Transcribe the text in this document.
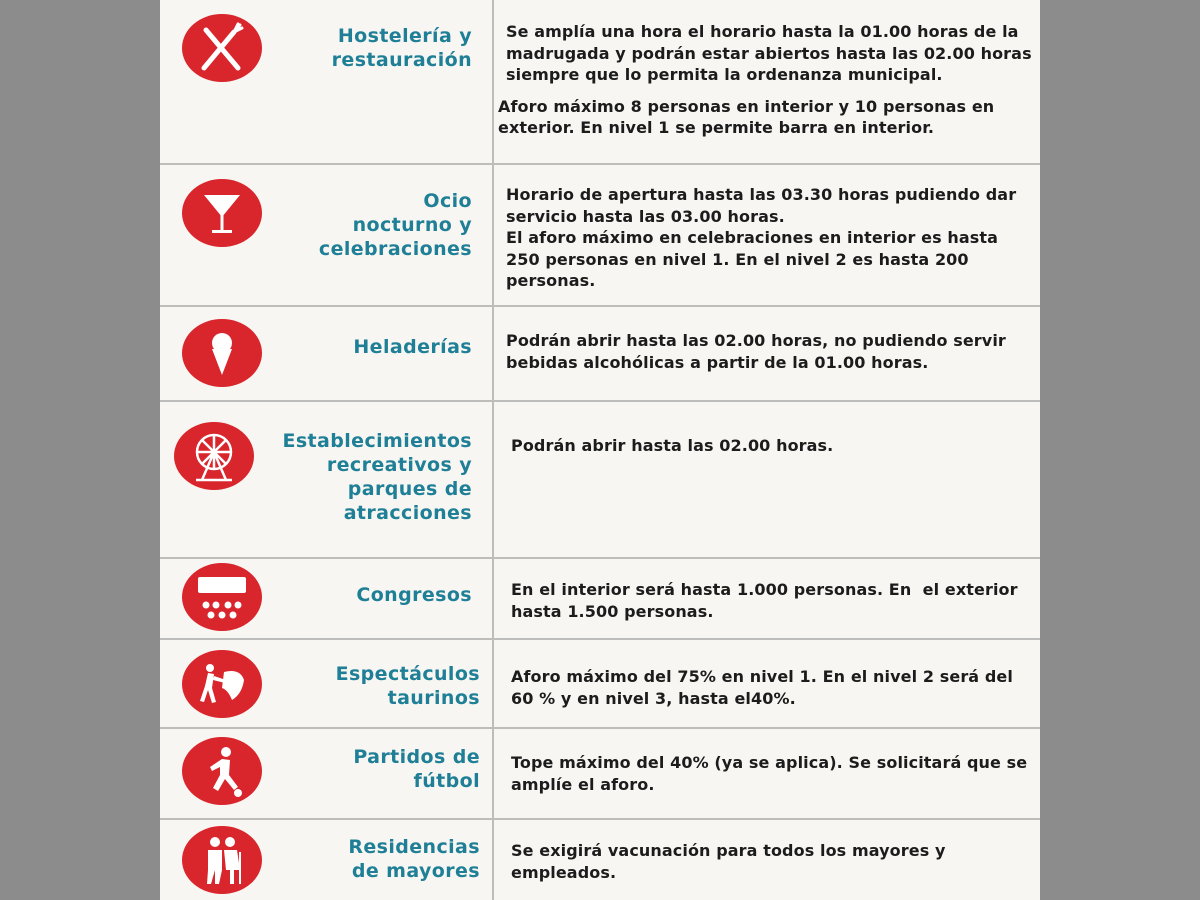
Hostelería y
restauración

Se amplía una hora el horario hasta la 01.00 horas de la madrugada y podrán estar abiertos hasta las 02.00 horas siempre que lo permita la ordenanza municipal.

Aforo máximo 8 personas en interior y 10 personas en exterior. En nivel 1 se permite barra en interior.

Ocio
nocturno y
celebraciones

Horario de apertura hasta las 03.30 horas pudiendo dar servicio hasta las 03.00 horas.

El aforo máximo en celebraciones en interior es hasta 250 personas en nivel 1. En el nivel 2 es hasta 200 personas.

Heladerías Podrán abrir hasta las 02.00 horas, no pudiendo servir bebidas alcohólicas a partir de la 01.00 horas.

Establecimientos
recreativos y
parques de
atracciones

Podrán abrir hasta las 02.00 horas.

Congresos En el interior será hasta 1.000 personas. En  el exterior hasta 1.500 personas.

Espectáculos
taurinos

Aforo máximo del 75% en nivel 1. En el nivel 2 será del 60 % y en nivel 3, hasta el40%.

Partidos de
fútbol

Tope máximo del 40% (ya se aplica). Se solicitará que se amplíe el aforo.

Residencias
de mayores

Se exigirá vacunación para todos los mayores y empleados.
